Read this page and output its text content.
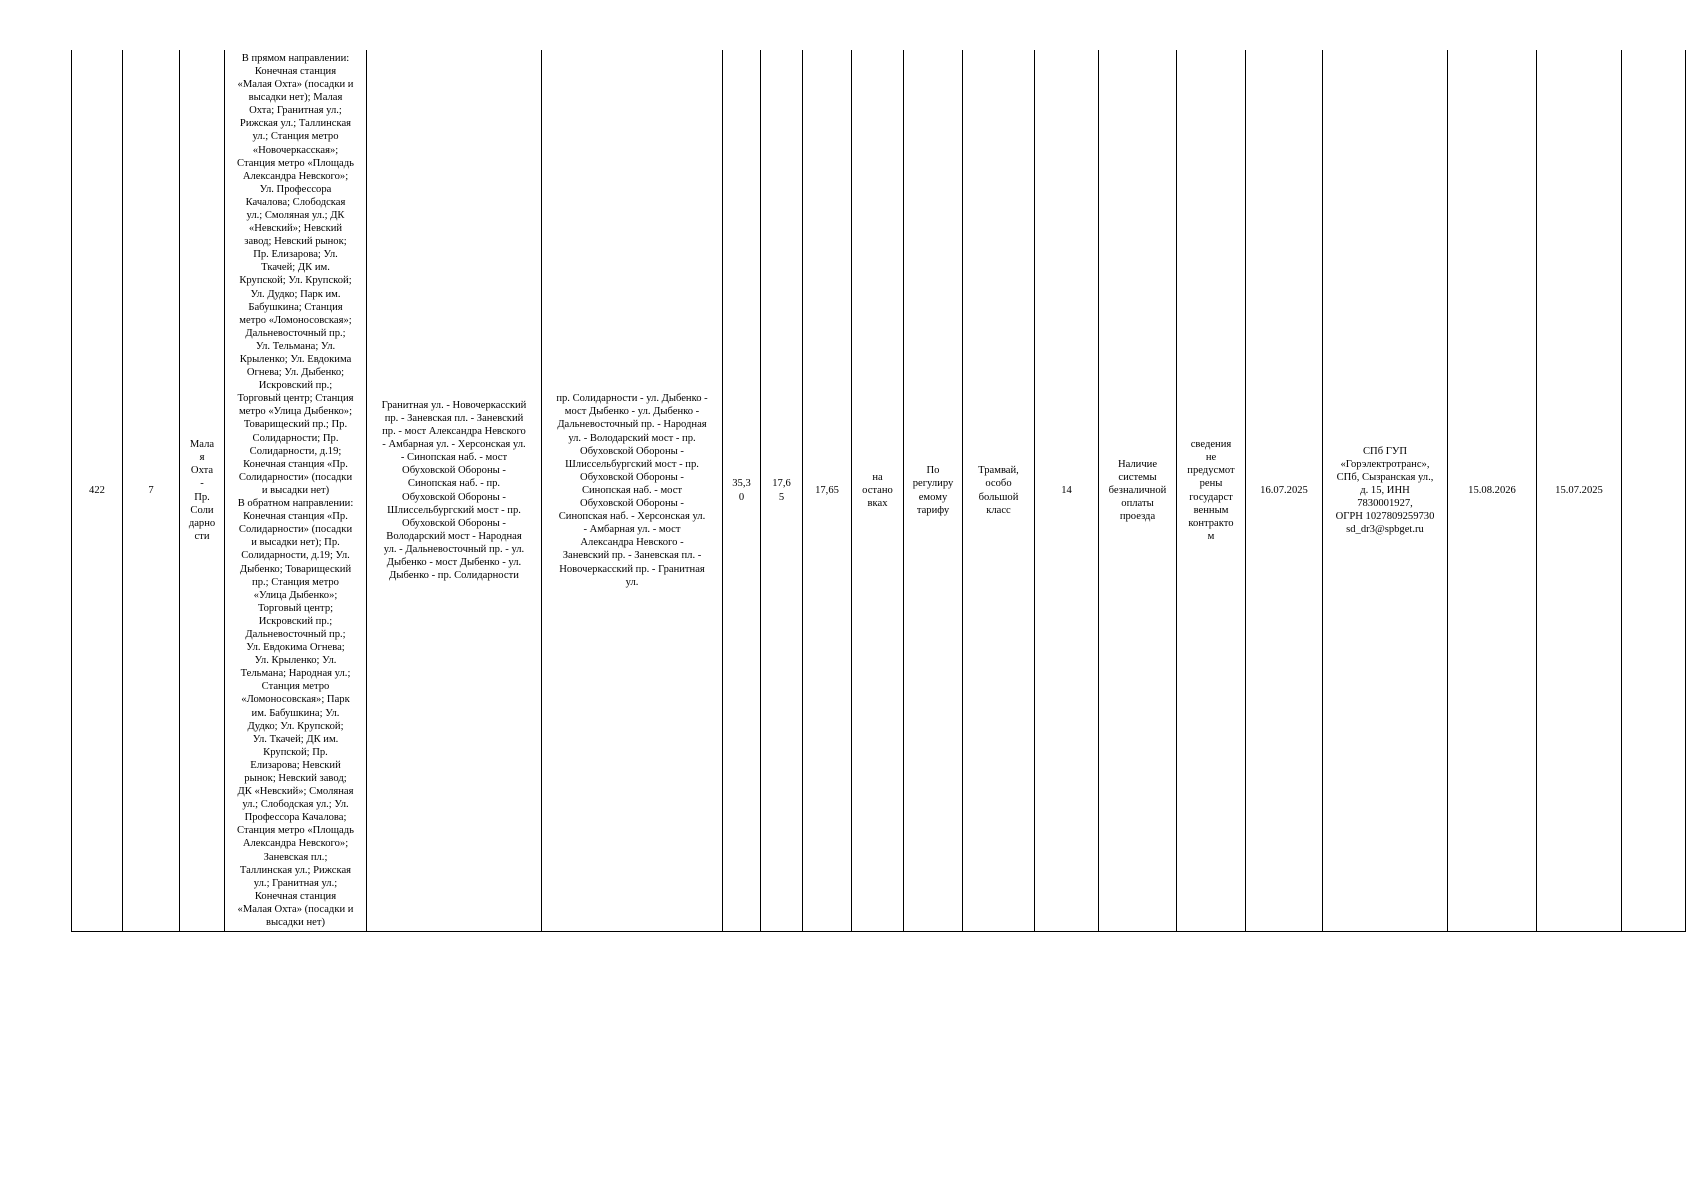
422	7	Мала
я
Охта
-
Пр.
Соли
дарно
сти	В прямом направлении:
Конечная станция
«Малая Охта» (посадки и
высадки нет); Малая
Охта; Гранитная ул.;
Рижская ул.; Таллинская
ул.; Станция метро
«Новочеркасская»;
Станция метро «Площадь
Александра Невского»;
Ул. Профессора
Качалова; Слободская
ул.; Смоляная ул.; ДК
«Невский»; Невский
завод; Невский рынок;
Пр. Елизарова; Ул.
Ткачей; ДК им.
Крупской; Ул. Крупской;
Ул. Дудко; Парк им.
Бабушкина; Станция
метро «Ломоносовская»;
Дальневосточный пр.;
Ул. Тельмана; Ул.
Крыленко; Ул. Евдокима
Огнева; Ул. Дыбенко;
Искровский пр.;
Торговый центр; Станция
метро «Улица Дыбенко»;
Товарищеский пр.; Пр.
Солидарности; Пр.
Солидарности, д.19;
Конечная станция «Пр.
Солидарности» (посадки
и высадки нет)
В обратном направлении:
Конечная станция «Пр.
Солидарности» (посадки
и высадки нет); Пр.
Солидарности, д.19; Ул.
Дыбенко; Товарищеский
пр.; Станция метро
«Улица Дыбенко»;
Торговый центр;
Искровский пр.;
Дальневосточный пр.;
Ул. Евдокима Огнева;
Ул. Крыленко; Ул.
Тельмана; Народная ул.;
Станция метро
«Ломоносовская»; Парк
им. Бабушкина; Ул.
Дудко; Ул. Крупской;
Ул. Ткачей; ДК им.
Крупской; Пр.
Елизарова; Невский
рынок; Невский завод;
ДК «Невский»; Смоляная
ул.; Слободская ул.; Ул.
Профессора Качалова;
Станция метро «Площадь
Александра Невского»;
Заневская пл.;
Таллинская ул.; Рижская
ул.; Гранитная ул.;
Конечная станция
«Малая Охта» (посадки и
высадки нет)	Гранитная ул. - Новочеркасский
пр. - Заневская пл. - Заневский
пр. - мост Александра Невского
- Амбарная ул. - Херсонская ул.
- Синопская наб. - мост
Обуховской Обороны -
Синопская наб. - пр.
Обуховской Обороны -
Шлиссельбургский мост - пр.
Обуховской Обороны -
Володарский мост - Народная
ул. - Дальневосточный пр. - ул.
Дыбенко - мост Дыбенко - ул.
Дыбенко - пр. Солидарности	пр. Солидарности - ул. Дыбенко -
мост Дыбенко - ул. Дыбенко -
Дальневосточный пр. - Народная
ул. - Володарский мост - пр.
Обуховской Обороны -
Шлиссельбургский мост - пр.
Обуховской Обороны -
Синопская наб. - мост
Обуховской Обороны -
Синопская наб. - Херсонская ул.
- Амбарная ул. - мост
Александра Невского -
Заневский пр. - Заневская пл. -
Новочеркасский пр. - Гранитная
ул.	35,3
0	17,6
5	17,65	на
остано
вках	По
регулиру
емому
тарифу	Трамвай,
особо
большой
класс	14	Наличие
системы
безналичной
оплаты
проезда	сведения
не
предусмот
рены
государст
венным
контракто
м	16.07.2025	СПб ГУП
«Горэлектротранс»,
СПб, Сызранская ул.,
д. 15, ИНН
7830001927,
ОГРН 1027809259730
sd_dr3@spbget.ru	15.08.2026	15.07.2025	
